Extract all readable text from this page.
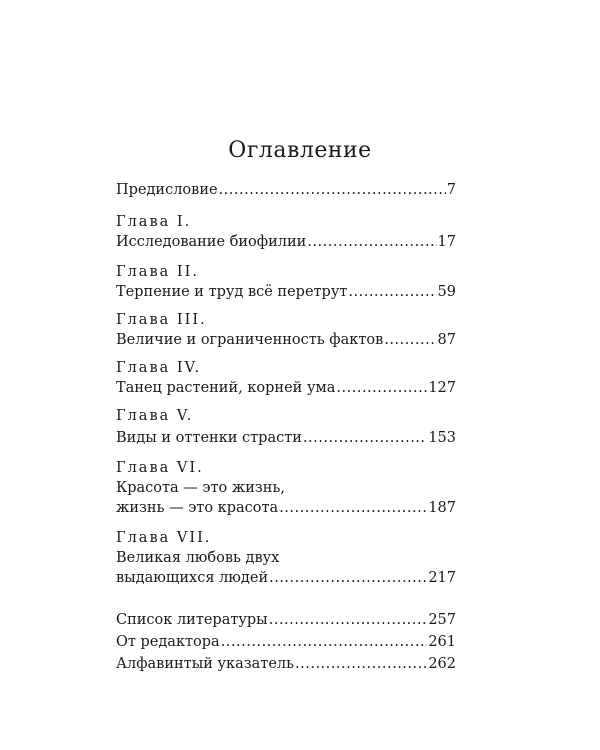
Оглавление
Предисловие .....	7
Глава I.
Исследование биофилии .....	17
Глава II.
Терпение и труд всё перетрут .....	59
Глава III.
Величие и ограниченность фактов .....	87
Глава IV.
Танец растений, корней ума .....	127
Глава V.
Виды и оттенки страсти .....	153
Глава VI.
Красота — это жизнь,
жизнь — это красота .....	187
Глава VII.
Великая любовь двух
выдающихся людей .....	217
Список литературы .....	257
От редактора .....	261
Алфавинтый указатель .....	262
